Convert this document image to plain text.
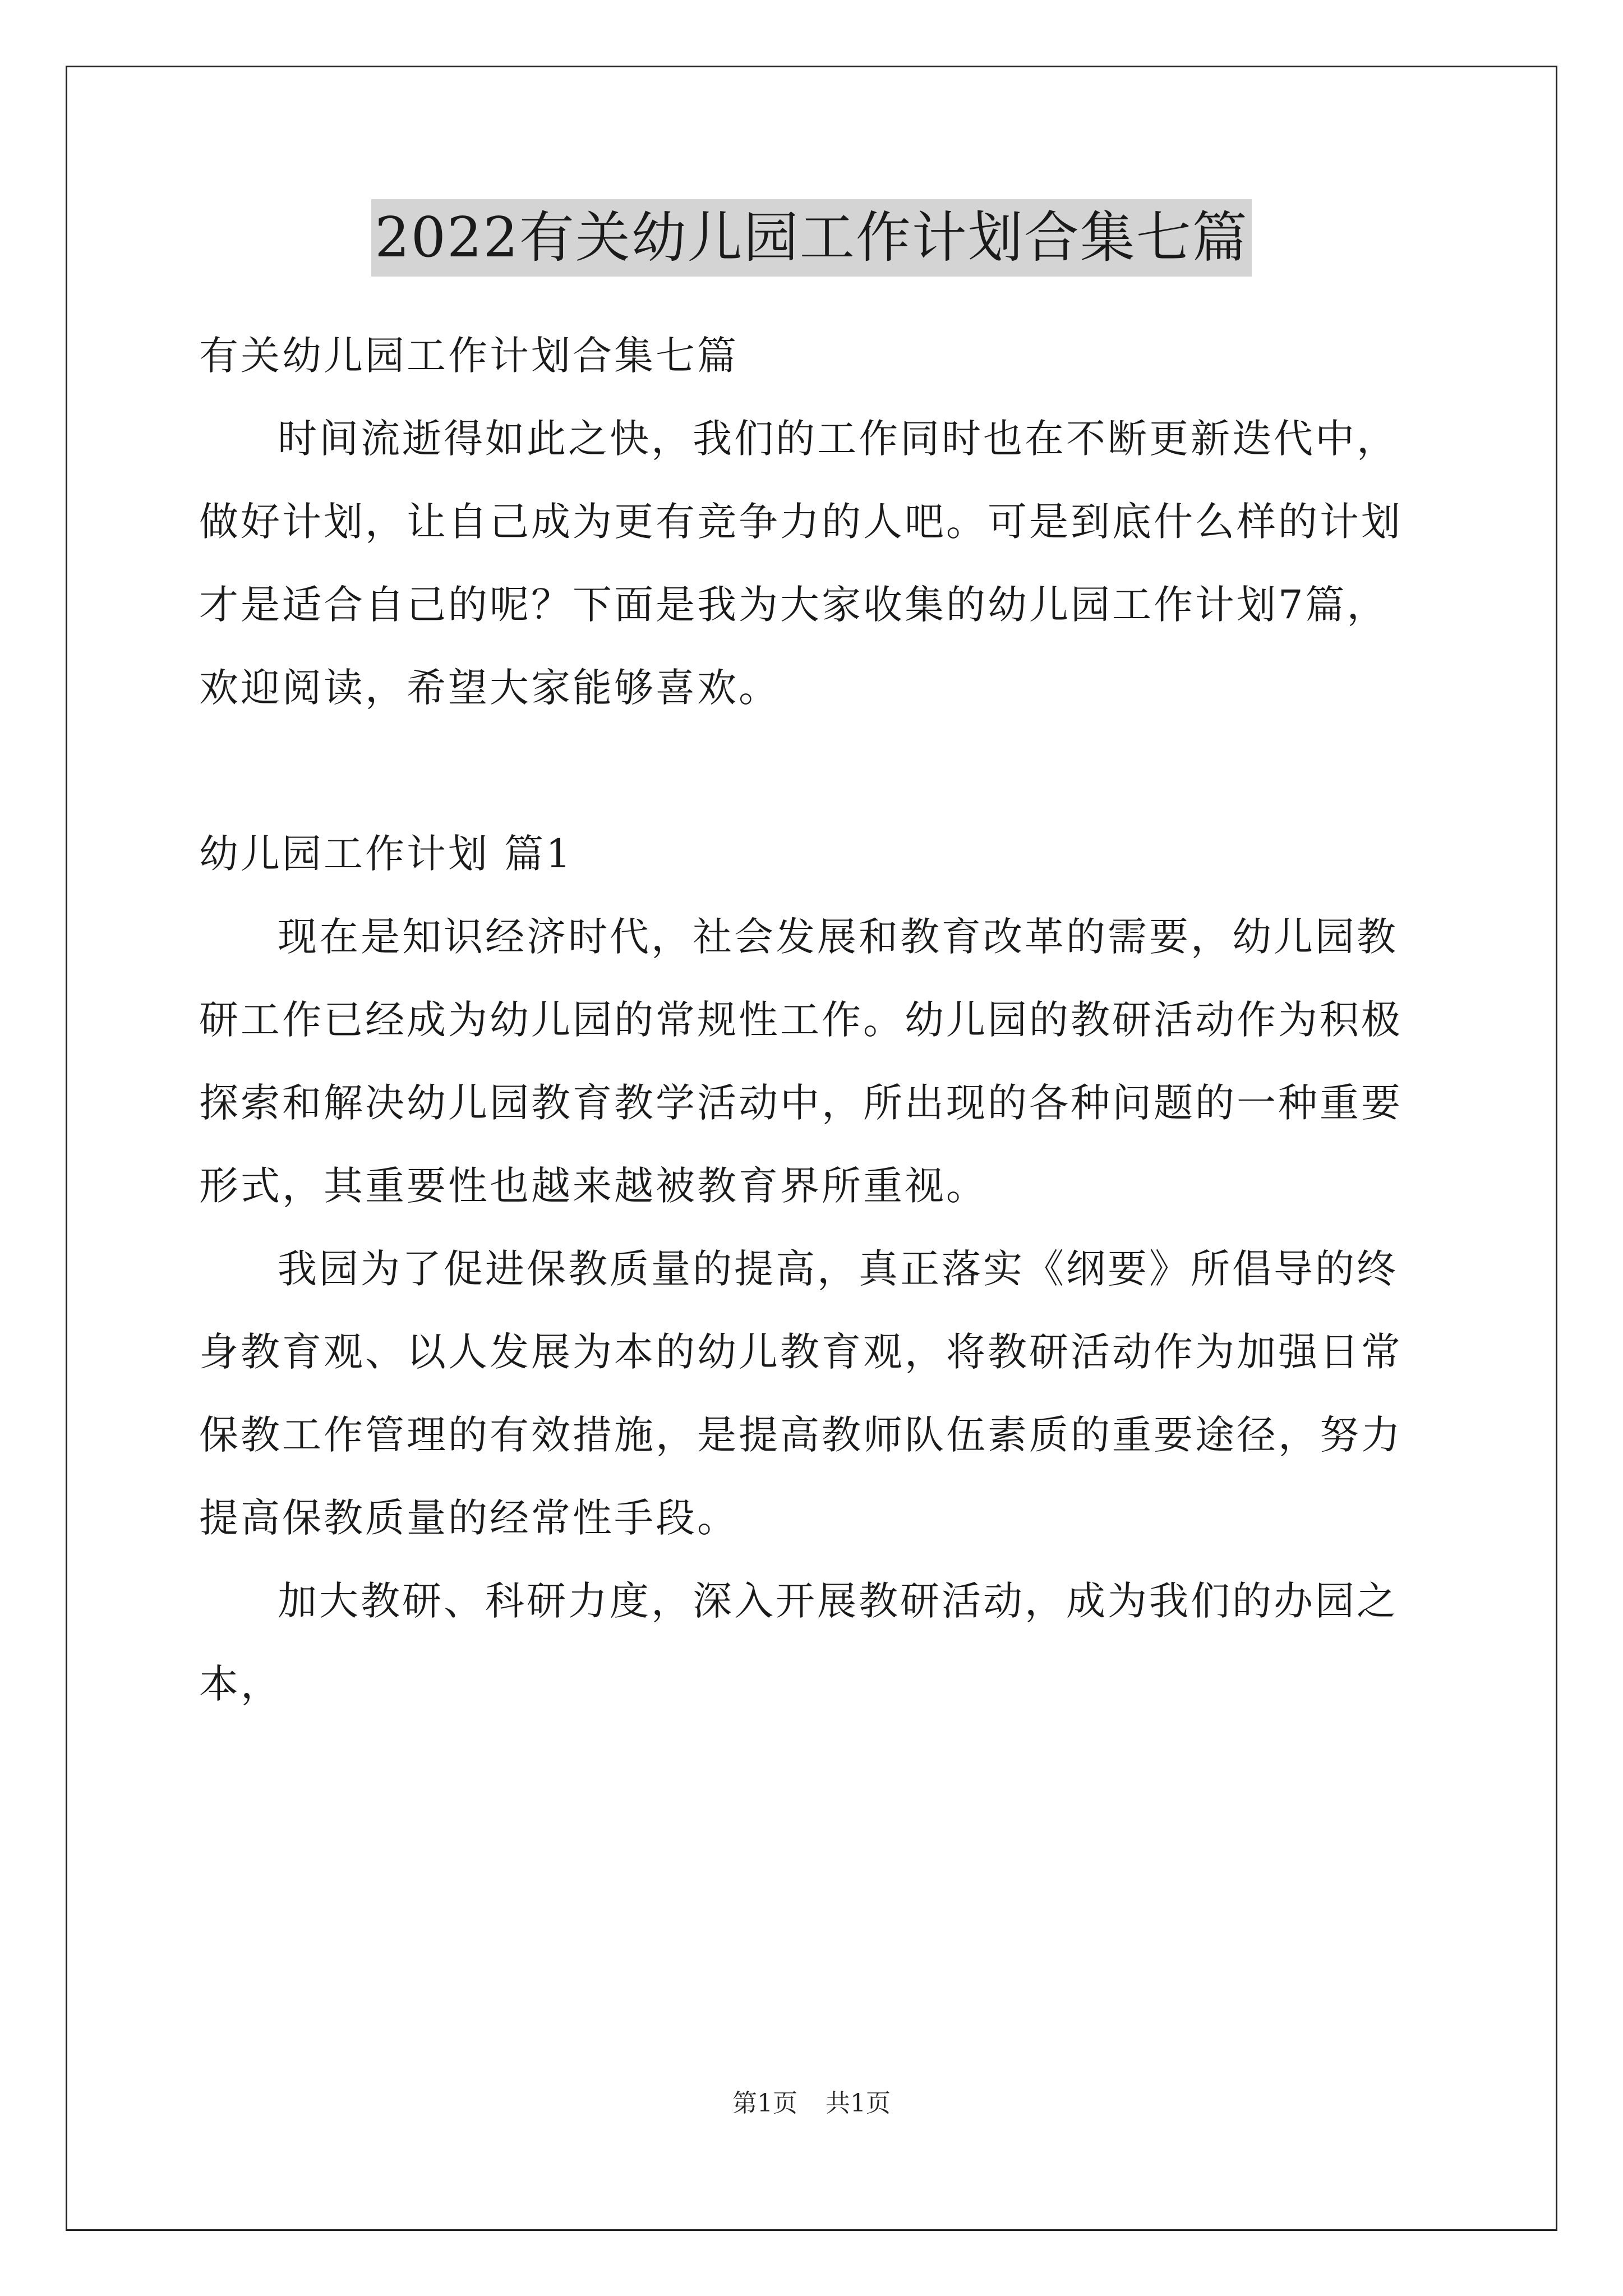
2022有关幼儿园工作计划合集七篇

有关幼儿园工作计划合集七篇

时间流逝得如此之快，我们的工作同时也在不断更新迭代中，做好计划，让自己成为更有竞争力的人吧。可是到底什么样的计划才是适合自己的呢？下面是我为大家收集的幼儿园工作计划7篇，欢迎阅读，希望大家能够喜欢。

幼儿园工作计划 篇1

现在是知识经济时代，社会发展和教育改革的需要，幼儿园教研工作已经成为幼儿园的常规性工作。幼儿园的教研活动作为积极探索和解决幼儿园教育教学活动中，所出现的各种问题的一种重要形式，其重要性也越来越被教育界所重视。

我园为了促进保教质量的提高，真正落实《纲要》所倡导的终身教育观、以人发展为本的幼儿教育观，将教研活动作为加强日常保教工作管理的有效措施，是提高教师队伍素质的重要途径，努力提高保教质量的经常性手段。

加大教研、科研力度，深入开展教研活动，成为我们的办园之本，

第1页 共1页
